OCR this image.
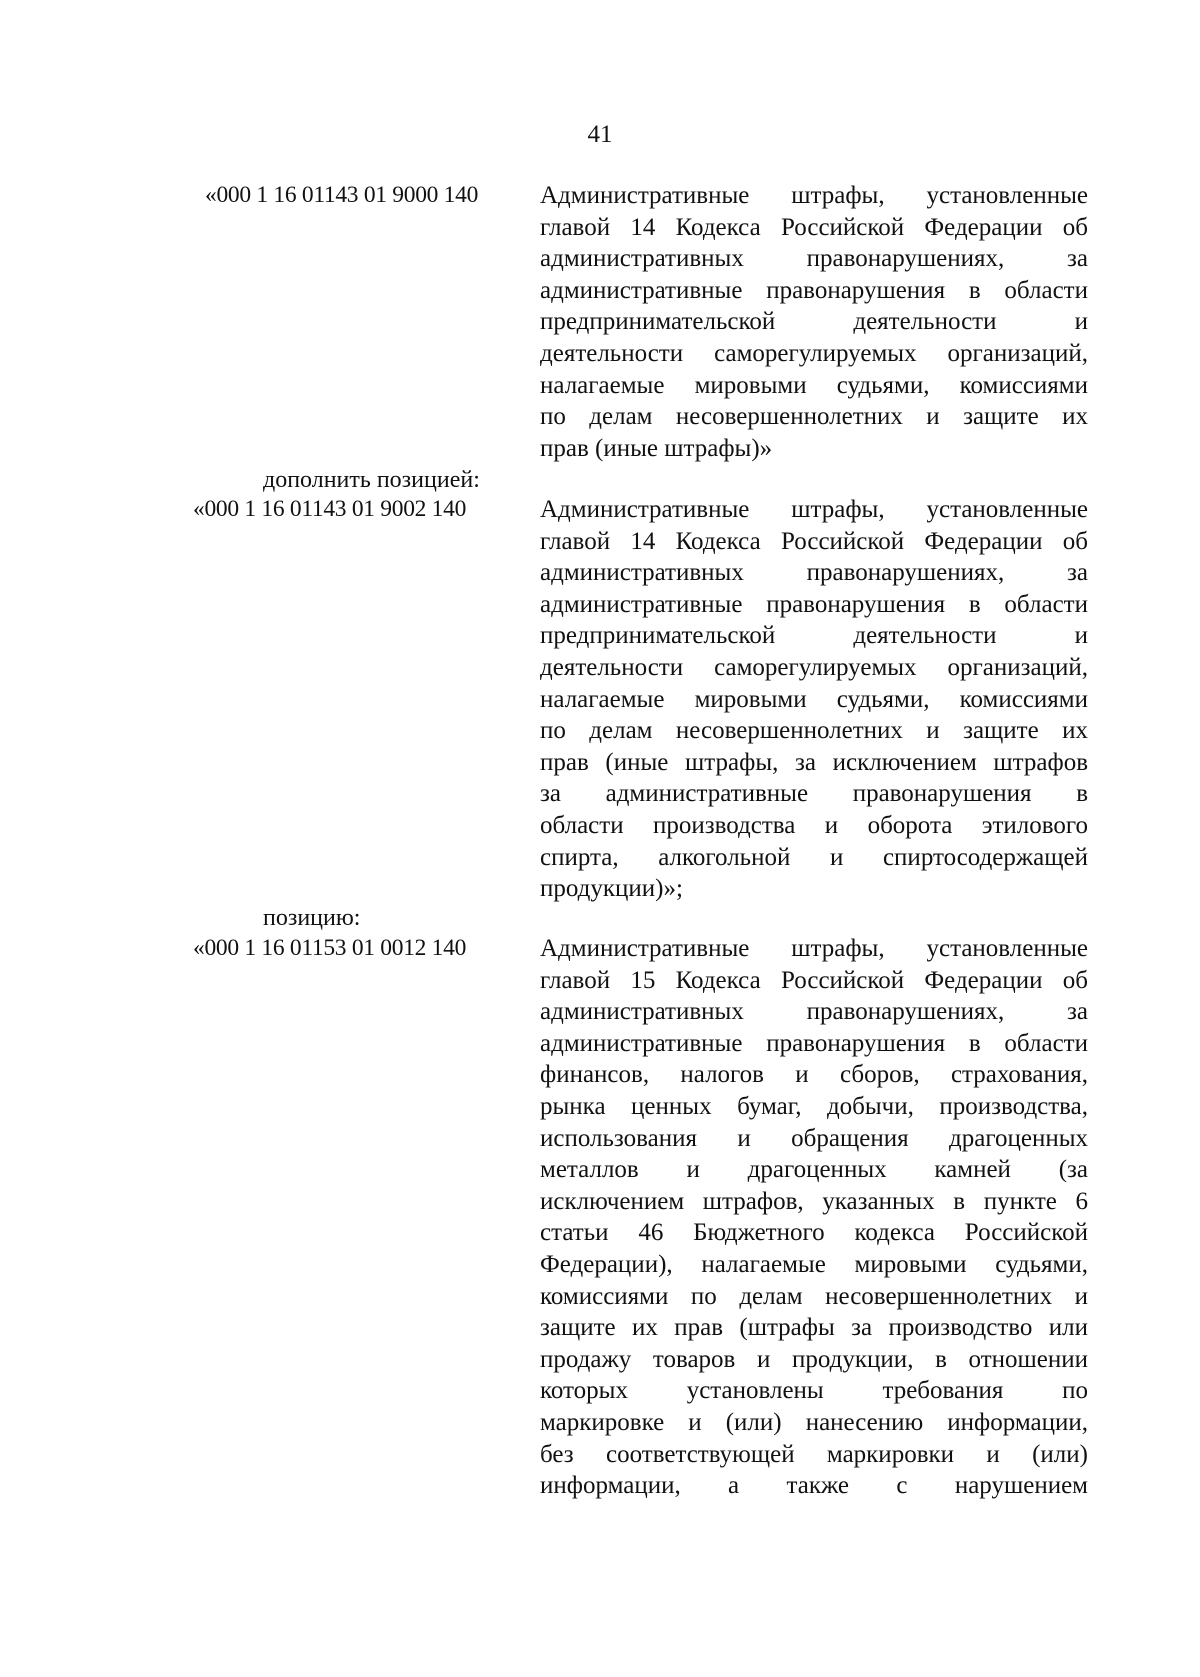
41
«000 1 16 01143 01 9000 140 Административные штрафы, установленные
главой 14 Кодекса Российской Федерации об
административных правонарушениях, за
административные правонарушения в области
предпринимательской деятельности и
деятельности саморегулируемых организаций,
налагаемые мировыми судьями, комиссиями
по делам несовершеннолетних и защите их
прав (иные штрафы)»
дополнить позицией:
«000 1 16 01143 01 9002 140	Административные штрафы, установленные
главой 14 Кодекса Российской Федерации об
административных правонарушениях, за
административные правонарушения в области
предпринимательской деятельности и
деятельности саморегулируемых организаций,
налагаемые мировыми судьями, комиссиями
по делам несовершеннолетних и защите их
прав (иные штрафы, за исключением штрафов
за административные правонарушения в
области производства и оборота этилового
спирта, алкогольной и спиртосодержащей
продукции)»;
позицию:
«000 1 16 01153 01 0012 140	Административные штрафы, установленные
главой 15 Кодекса Российской Федерации об
административных правонарушениях, за
административные правонарушения в области
финансов, налогов и сборов, страхования,
рынка ценных бумаг, добычи, производства,
использования и обращения драгоценных
металлов и драгоценных камней (за
исключением штрафов, указанных в пункте 6
статьи 46 Бюджетного кодекса Российской
Федерации), налагаемые мировыми судьями,
комиссиями по делам несовершеннолетних и
защите их прав (штрафы за производство или
продажу товаров и продукции, в отношении
которых установлены требования по
маркировке и (или) нанесению информации,
без соответствующей маркировки и (или)
информации, а также с нарушением
